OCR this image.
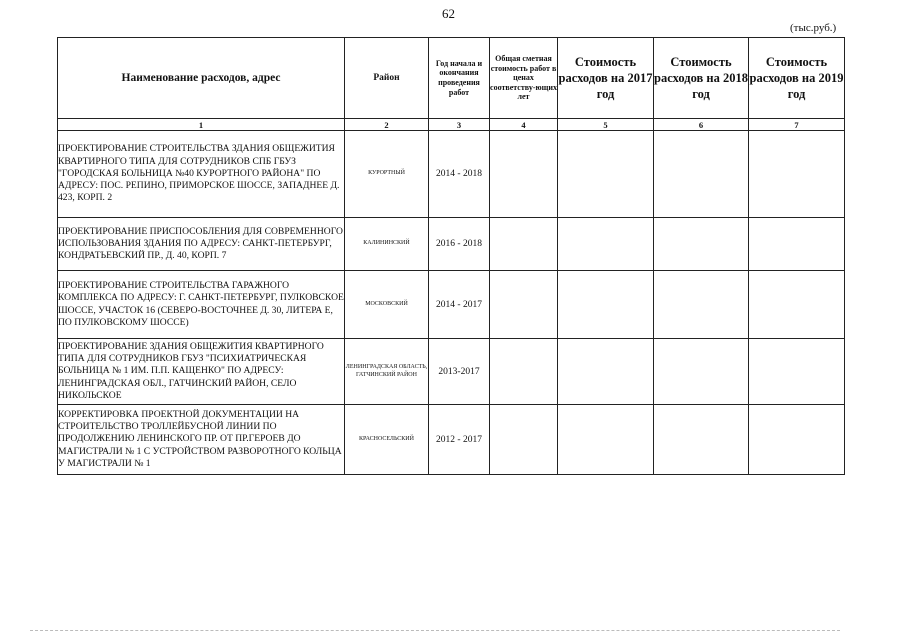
62
(тыс.руб.)
Наименование расходов, адрес	Район	Год начала и окончания проведения работ	Общая сметная стоимость работ в ценах соответству-ющих лет	Стоимость расходов на 2017 год	Стоимость расходов на 2018 год	Стоимость расходов на 2019 год
1	2	3	4	5	6	7
ПРОЕКТИРОВАНИЕ СТРОИТЕЛЬСТВА ЗДАНИЯ ОБЩЕЖИТИЯ КВАРТИРНОГО ТИПА ДЛЯ СОТРУДНИКОВ СПБ ГБУЗ "ГОРОДСКАЯ БОЛЬНИЦА №40 КУРОРТНОГО РАЙОНА" ПО АДРЕСУ: ПОС. РЕПИНО, ПРИМОРСКОЕ ШОССЕ, ЗАПАДНЕЕ Д. 423, КОРП. 2	КУРОРТНЫЙ	2014 - 2018				
ПРОЕКТИРОВАНИЕ ПРИСПОСОБЛЕНИЯ ДЛЯ СОВРЕМЕННОГО ИСПОЛЬЗОВАНИЯ ЗДАНИЯ ПО АДРЕСУ: САНКТ-ПЕТЕРБУРГ, КОНДРАТЬЕВСКИЙ ПР., Д. 40, КОРП. 7	КАЛИНИНСКИЙ	2016 - 2018				
ПРОЕКТИРОВАНИЕ СТРОИТЕЛЬСТВА ГАРАЖНОГО КОМПЛЕКСА ПО АДРЕСУ: Г. САНКТ-ПЕТЕРБУРГ, ПУЛКОВСКОЕ ШОССЕ, УЧАСТОК 16 (СЕВЕРО-ВОСТОЧНЕЕ Д. 30, ЛИТЕРА Е, ПО ПУЛКОВСКОМУ ШОССЕ)	МОСКОВСКИЙ	2014 - 2017				
ПРОЕКТИРОВАНИЕ ЗДАНИЯ ОБЩЕЖИТИЯ КВАРТИРНОГО ТИПА ДЛЯ СОТРУДНИКОВ ГБУЗ "ПСИХИАТРИЧЕСКАЯ БОЛЬНИЦА № 1 ИМ. П.П. КАЩЕНКО" ПО АДРЕСУ: ЛЕНИНГРАДСКАЯ ОБЛ., ГАТЧИНСКИЙ РАЙОН, СЕЛО НИКОЛЬСКОЕ	ЛЕНИНГРАДСКАЯ ОБЛАСТЬ, ГАТЧИНСКИЙ РАЙОН	2013-2017				
КОРРЕКТИРОВКА ПРОЕКТНОЙ ДОКУМЕНТАЦИИ НА СТРОИТЕЛЬСТВО ТРОЛЛЕЙБУСНОЙ ЛИНИИ ПО ПРОДОЛЖЕНИЮ ЛЕНИНСКОГО ПР. ОТ ПР.ГЕРОЕВ ДО МАГИСТРАЛИ № 1 С УСТРОЙСТВОМ РАЗВОРОТНОГО КОЛЬЦА У МАГИСТРАЛИ № 1	КРАСНОСЕЛЬСКИЙ	2012 - 2017				
